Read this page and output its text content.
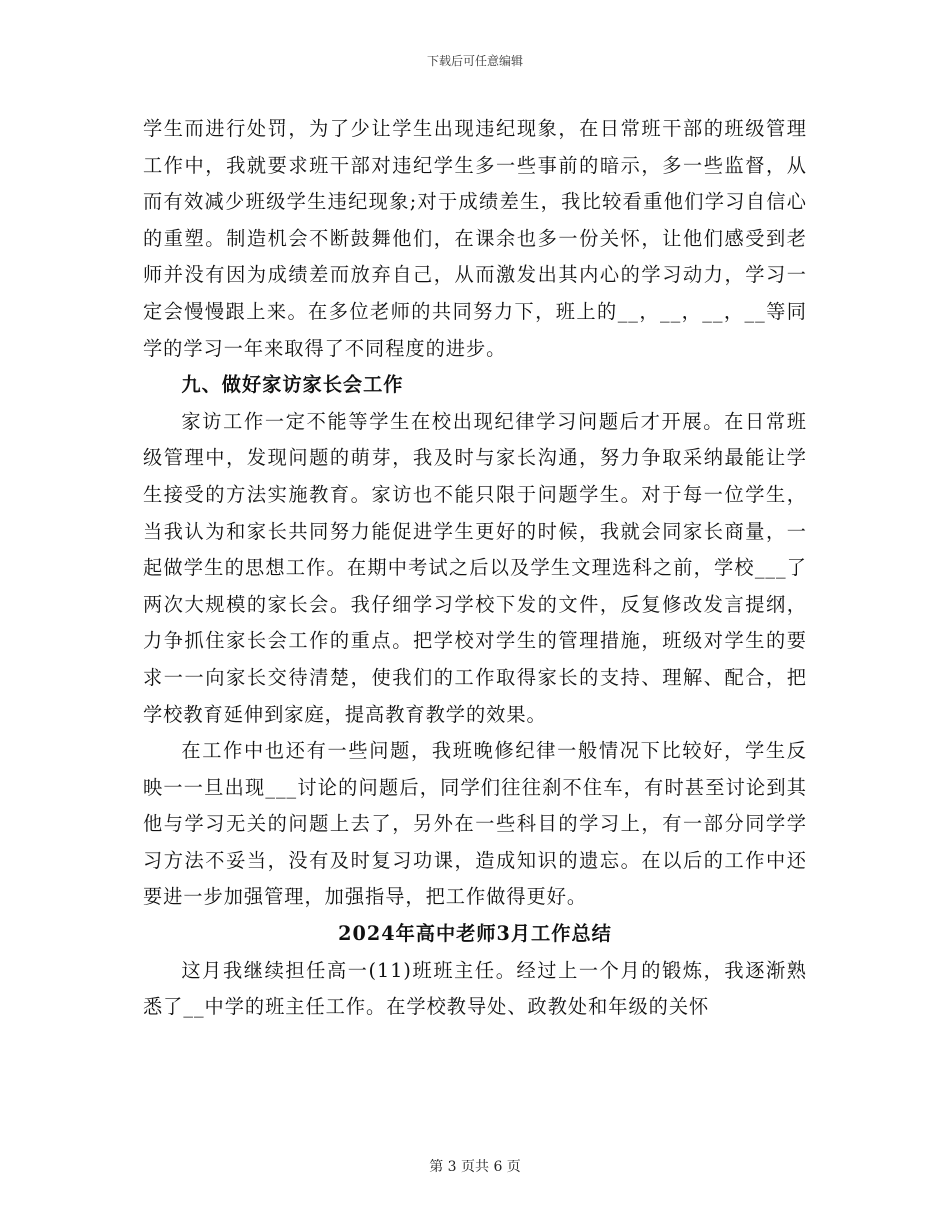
下载后可任意编辑

学生而进行处罚，为了少让学生出现违纪现象，在日常班干部的班级管理工作中，我就要求班干部对违纪学生多一些事前的暗示，多一些监督，从而有效减少班级学生违纪现象;对于成绩差生，我比较看重他们学习自信心的重塑。制造机会不断鼓舞他们，在课余也多一份关怀，让他们感受到老师并没有因为成绩差而放弃自己，从而激发出其内心的学习动力，学习一定会慢慢跟上来。在多位老师的共同努力下，班上的__，__，__，__等同学的学习一年来取得了不同程度的进步。

九、做好家访家长会工作

家访工作一定不能等学生在校出现纪律学习问题后才开展。在日常班级管理中，发现问题的萌芽，我及时与家长沟通，努力争取采纳最能让学生接受的方法实施教育。家访也不能只限于问题学生。对于每一位学生，当我认为和家长共同努力能促进学生更好的时候，我就会同家长商量，一起做学生的思想工作。在期中考试之后以及学生文理选科之前，学校___了两次大规模的家长会。我仔细学习学校下发的文件，反复修改发言提纲，力争抓住家长会工作的重点。把学校对学生的管理措施，班级对学生的要求一一向家长交待清楚，使我们的工作取得家长的支持、理解、配合，把学校教育延伸到家庭，提高教育教学的效果。

在工作中也还有一些问题，我班晚修纪律一般情况下比较好，学生反映一一旦出现___讨论的问题后，同学们往往刹不住车，有时甚至讨论到其他与学习无关的问题上去了，另外在一些科目的学习上，有一部分同学学习方法不妥当，没有及时复习功课，造成知识的遗忘。在以后的工作中还要进一步加强管理，加强指导，把工作做得更好。

2024年高中老师3月工作总结

这月我继续担任高一(11)班班主任。经过上一个月的锻炼，我逐渐熟悉了__中学的班主任工作。在学校教导处、政教处和年级的关怀

第 3 页共 6 页
